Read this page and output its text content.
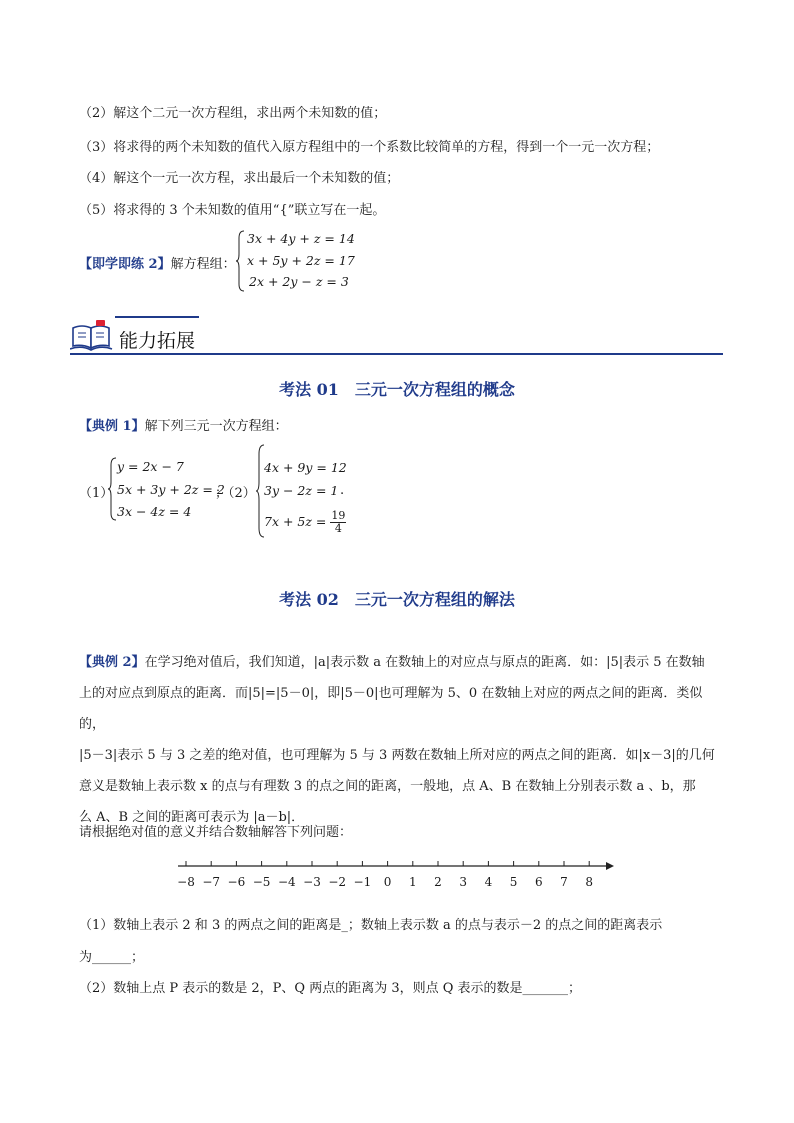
（2）解这个二元一次方程组，求出两个未知数的值；
（3）将求得的两个未知数的值代入原方程组中的一个系数比较简单的方程，得到一个一元一次方程；
（4）解这个一元一次方程，求出最后一个未知数的值；
（5）将求得的 3 个未知数的值用“{”联立写在一起。
【即学即练 2】解方程组：
3x + 4y + z = 14
x + 5y + 2z = 17
2x + 2y − z = 3
能力拓展
考法 01　三元一次方程组的概念
【典例 1】解下列三元一次方程组：
（1）
y = 2x − 7
5x + 3y + 2z = 2
3x − 4z = 4
；（2）
4x + 9y = 12
3y − 2z = 1
$7x + 5z = \frac{19}{4}$
.
考法 02　三元一次方程组的解法
【典例 2】在学习绝对值后，我们知道，|a|表示数 a 在数轴上的对应点与原点的距离．如：|5|表示 5 在数轴
上的对应点到原点的距离．而|5|=|5－0|，即|5－0|也可理解为 5、0 在数轴上对应的两点之间的距离．类似的，
|5－3|表示 5 与 3 之差的绝对值，也可理解为 5 与 3 两数在数轴上所对应的两点之间的距离．如|x－3|的几何
意义是数轴上表示数 x 的点与有理数 3 的点之间的距离，一般地，点 A、B 在数轴上分别表示数 a 、b，那
么 A、B 之间的距离可表示为 |a－b|．
请根据绝对值的意义并结合数轴解答下列问题：
−8 −7 −6 −5 −4 −3 −2 −1 0 1 2 3 4 5 6 7 8
（1）数轴上表示 2 和 3 的两点之间的距离是_；数轴上表示数 a 的点与表示－2 的点之间的距离表示
为______；
（2）数轴上点 P 表示的数是 2，P、Q 两点的距离为 3，则点 Q 表示的数是_______；
